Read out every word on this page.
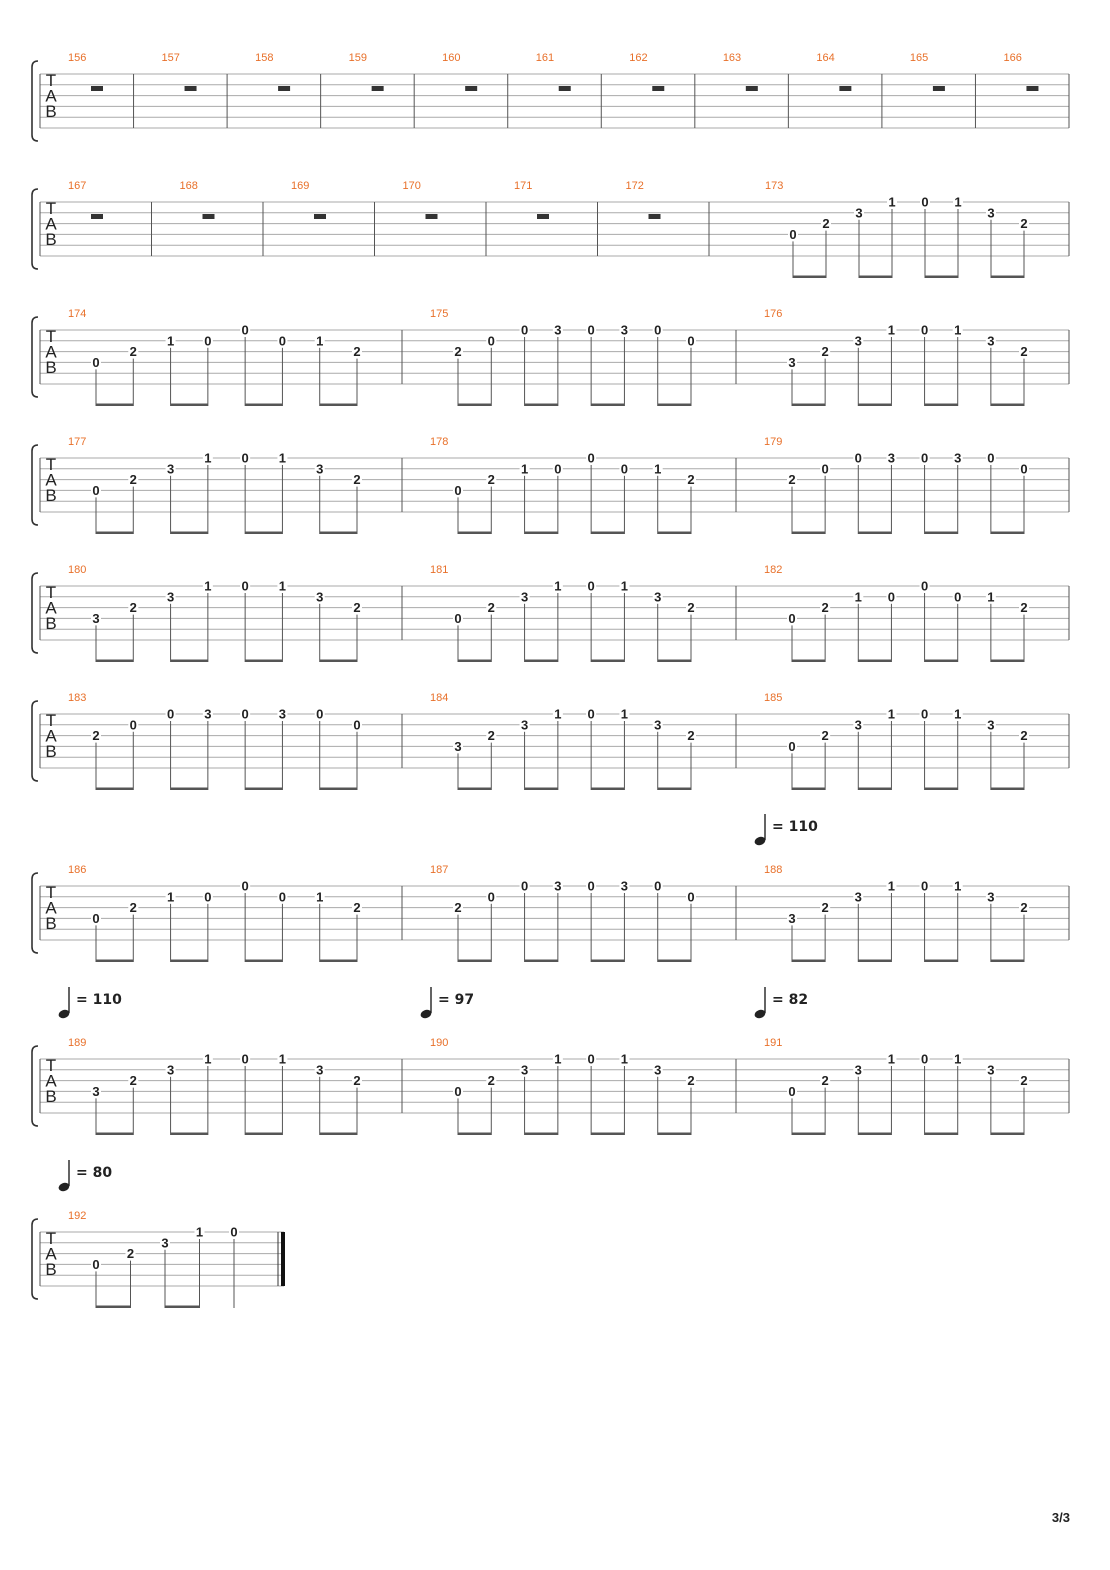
T
A
B
156	157	158	159	160	161	162	163	164	165	166
T
A
B
167	168	169	170	171	172	173
0
2
3
1 0 1
3
2
T
A
B
174
0
2
1 0
0
0 1
2
175
2
0
0 3 0 3 0
0
176
3
2
3
1 0 1
3
2
T
A
B
177
0
2
3
1 0 1
3
2
178
0
2
1 0
0
0 1
2
179
2
0
0 3 0 3 0
0
T
A
B
180
3
2
3
1 0 1
3
2
181
0
2
3
1 0 1
3
2
182
0
2
1 0
0
0 1
2
T
A
B
183
2
0
0 3 0 3 0
0
184
3
2
3
1 0 1
3
2
185
0
2
3
1 0 1
3
2
T
A
B
186
0
2
1 0
0
0 1
2
187
2
0
0 3 0 3 0
0
188
= 110
3
2
3
1 0 1
3
2
T
A
B
189
= 110
3
2
3
1 0 1
3
2
190
= 97
0
2
3
1 0 1
3
2
191
= 82
0
2
3
1 0 1
3
2
T
A
B
192
= 80
0
2
3
1 0
3/3
